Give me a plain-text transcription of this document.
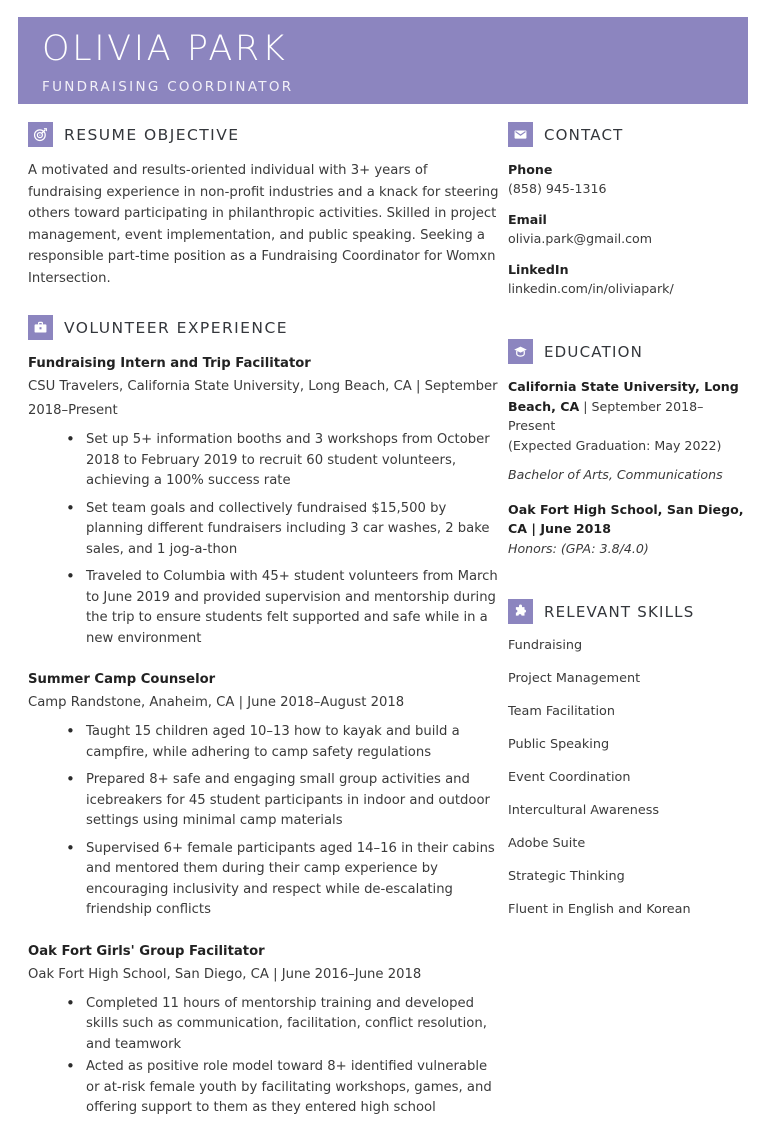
OLIVIA PARK
FUNDRAISING COORDINATOR
RESUME OBJECTIVE
A motivated and results-oriented individual with 3+ years of fundraising experience in non-profit industries and a knack for steering others toward participating in philanthropic activities. Skilled in project management, event implementation, and public speaking. Seeking a responsible part-time position as a Fundraising Coordinator for Womxn Intersection.
VOLUNTEER EXPERIENCE
Fundraising Intern and Trip Facilitator
CSU Travelers, California State University, Long Beach, CA | September 2018–Present
• Set up 5+ information booths and 3 workshops from October 2018 to February 2019 to recruit 60 student volunteers, achieving a 100% success rate
• Set team goals and collectively fundraised $15,500 by planning different fundraisers including 3 car washes, 2 bake sales, and 1 jog-a-thon
• Traveled to Columbia with 45+ student volunteers from March to June 2019 and provided supervision and mentorship during the trip to ensure students felt supported and safe while in a new environment
Summer Camp Counselor
Camp Randstone, Anaheim, CA | June 2018–August 2018
• Taught 15 children aged 10–13 how to kayak and build a campfire, while adhering to camp safety regulations
• Prepared 8+ safe and engaging small group activities and icebreakers for 45 student participants in indoor and outdoor settings using minimal camp materials
• Supervised 6+ female participants aged 14–16 in their cabins and mentored them during their camp experience by encouraging inclusivity and respect while de-escalating friendship conflicts
Oak Fort Girls' Group Facilitator
Oak Fort High School, San Diego, CA | June 2016–June 2018
• Completed 11 hours of mentorship training and developed skills such as communication, facilitation, conflict resolution, and teamwork
• Acted as positive role model toward 8+ identified vulnerable or at-risk female youth by facilitating workshops, games, and offering support to them as they entered high school
CONTACT
Phone
(858) 945-1316
Email
olivia.park@gmail.com
LinkedIn
linkedin.com/in/oliviapark/
EDUCATION
California State University, Long Beach, CA | September 2018–Present
(Expected Graduation: May 2022)
Bachelor of Arts, Communications
Oak Fort High School, San Diego, CA | June 2018
Honors: (GPA: 3.8/4.0)
RELEVANT SKILLS
Fundraising
Project Management
Team Facilitation
Public Speaking
Event Coordination
Intercultural Awareness
Adobe Suite
Strategic Thinking
Fluent in English and Korean
